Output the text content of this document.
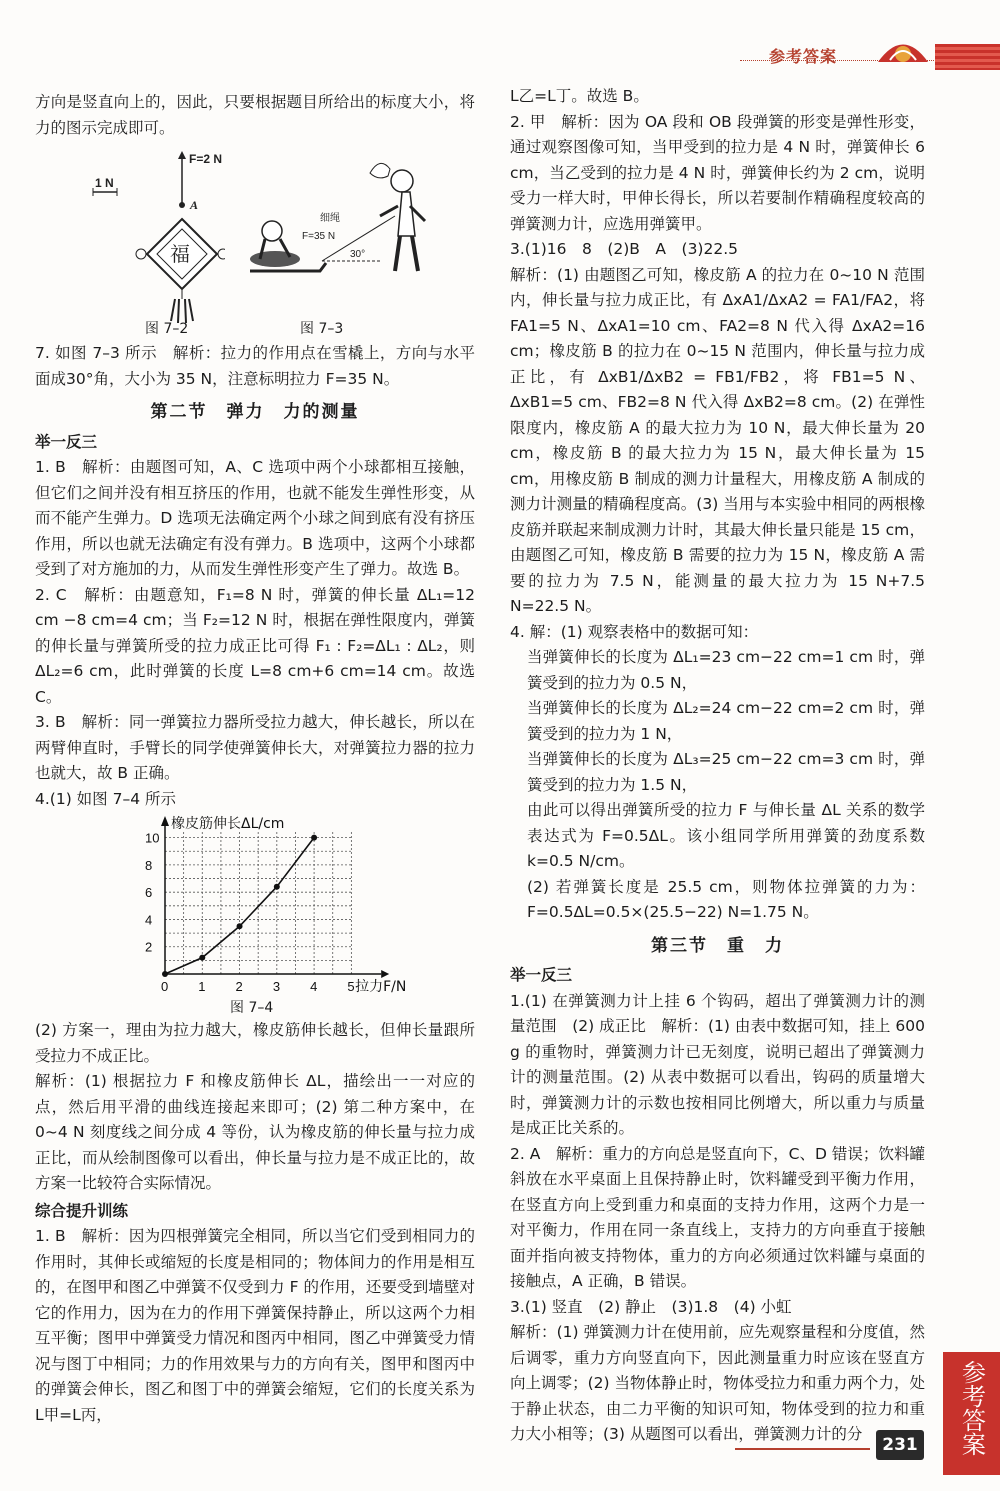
参考答案

方向是竖直向上的，因此，只要根据题目所给出的标度大小，将力的图示完成即可。

F=2 N
1 N
A
福
细绳
F=35 N
30°
图 7–2	图 7–3

7. 如图 7–3 所示　解析：拉力的作用点在雪橇上，方向与水平面成30°角，大小为 35 N，注意标明拉力 F=35 N。

第二节　弹力　力的测量
举一反三

1. B　解析：由题图可知，A、C 选项中两个小球都相互接触，但它们之间并没有相互挤压的作用，也就不能发生弹性形变，从而不能产生弹力。D 选项无法确定两个小球之间到底有没有挤压作用，所以也就无法确定有没有弹力。B 选项中，这两个小球都受到了对方施加的力，从而发生弹性形变产生了弹力。故选 B。

2. C　解析：由题意知，F₁=8 N 时，弹簧的伸长量 ΔL₁=12 cm −8 cm=4 cm；当 F₂=12 N 时，根据在弹性限度内，弹簧的伸长量与弹簧所受的拉力成正比可得 F₁ : F₂=ΔL₁ : ΔL₂，则 ΔL₂=6 cm，此时弹簧的长度 L=8 cm+6 cm=14 cm。故选 C。

3. B　解析：同一弹簧拉力器所受拉力越大，伸长越长，所以在两臂伸直时，手臂长的同学使弹簧伸长大，对弹簧拉力器的拉力也就大，故 B 正确。

4.(1) 如图 7–4 所示

0 1 2 3 4 5
2
4
6
8
10
拉力F/N
橡皮筋伸长ΔL/cm
图 7–4

(2) 方案一，理由为拉力越大，橡皮筋伸长越长，但伸长量跟所受拉力不成正比。

解析：(1) 根据拉力 F 和橡皮筋伸长 ΔL，描绘出一一对应的点，然后用平滑的曲线连接起来即可；(2) 第二种方案中，在 0~4 N 刻度线之间分成 4 等份，认为橡皮筋的伸长量与拉力成正比，而从绘制图像可以看出，伸长量与拉力是不成正比的，故方案一比较符合实际情况。

综合提升训练

1. B　解析：因为四根弹簧完全相同，所以当它们受到相同力的作用时，其伸长或缩短的长度是相同的；物体间力的作用是相互的，在图甲和图乙中弹簧不仅受到力 F 的作用，还要受到墙壁对它的作用力，因为在力的作用下弹簧保持静止，所以这两个力相互平衡；图甲中弹簧受力情况和图丙中相同，图乙中弹簧受力情况与图丁中相同；力的作用效果与力的方向有关，图甲和图丙中的弹簧会伸长，图乙和图丁中的弹簧会缩短，它们的长度关系为 L甲=L丙，

L乙=L丁。故选 B。

2. 甲　解析：因为 OA 段和 OB 段弹簧的形变是弹性形变，通过观察图像可知，当甲受到的拉力是 4 N 时，弹簧伸长 6 cm，当乙受到的拉力是 4 N 时，弹簧伸长约为 2 cm，说明受力一样大时，甲伸长得长，所以若要制作精确程度较高的弹簧测力计，应选用弹簧甲。

3.(1)16　8　(2)B　A　(3)22.5

解析：(1) 由题图乙可知，橡皮筋 A 的拉力在 0~10 N 范围内，伸长量与拉力成正比，有 ΔxA1/ΔxA2 = FA1/FA2，将 FA1=5 N、ΔxA1=10 cm、FA2=8 N 代入得 ΔxA2=16 cm；橡皮筋 B 的拉力在 0~15 N 范围内，伸长量与拉力成正比，有 ΔxB1/ΔxB2 = FB1/FB2，将 FB1=5 N、ΔxB1=5 cm、FB2=8 N 代入得 ΔxB2=8 cm。(2) 在弹性限度内，橡皮筋 A 的最大拉力为 10 N，最大伸长量为 20 cm，橡皮筋 B 的最大拉力为 15 N，最大伸长量为 15 cm，用橡皮筋 B 制成的测力计量程大，用橡皮筋 A 制成的测力计测量的精确程度高。(3) 当用与本实验中相同的两根橡皮筋并联起来制成测力计时，其最大伸长量只能是 15 cm，由题图乙可知，橡皮筋 B 需要的拉力为 15 N，橡皮筋 A 需要的拉力为 7.5 N，能测量的最大拉力为 15 N+7.5 N=22.5 N。

4. 解：(1) 观察表格中的数据可知：

当弹簧伸长的长度为 ΔL₁=23 cm−22 cm=1 cm 时，弹簧受到的拉力为 0.5 N，

当弹簧伸长的长度为 ΔL₂=24 cm−22 cm=2 cm 时，弹簧受到的拉力为 1 N，

当弹簧伸长的长度为 ΔL₃=25 cm−22 cm=3 cm 时，弹簧受到的拉力为 1.5 N，

由此可以得出弹簧所受的拉力 F 与伸长量 ΔL 关系的数学表达式为 F=0.5ΔL。该小组同学所用弹簧的劲度系数 k=0.5 N/cm。

(2) 若弹簧长度是 25.5 cm，则物体拉弹簧的力为：F=0.5ΔL=0.5×(25.5−22) N=1.75 N。

第三节　重　力
举一反三

1.(1) 在弹簧测力计上挂 6 个钩码，超出了弹簧测力计的测量范围　(2) 成正比　解析：(1) 由表中数据可知，挂上 600 g 的重物时，弹簧测力计已无刻度，说明已超出了弹簧测力计的测量范围。(2) 从表中数据可以看出，钩码的质量增大时，弹簧测力计的示数也按相同比例增大，所以重力与质量是成正比关系的。

2. A　解析：重力的方向总是竖直向下，C、D 错误；饮料罐斜放在水平桌面上且保持静止时，饮料罐受到平衡力作用，在竖直方向上受到重力和桌面的支持力作用，这两个力是一对平衡力，作用在同一条直线上，支持力的方向垂直于接触面并指向被支持物体，重力的方向必须通过饮料罐与桌面的接触点，A 正确，B 错误。

3.(1) 竖直　(2) 静止　(3)1.8　(4) 小虹

解析：(1) 弹簧测力计在使用前，应先观察量程和分度值，然后调零，重力方向竖直向下，因此测量重力时应该在竖直方向上调零；(2) 当物体静止时，物体受拉力和重力两个力，处于静止状态，由二力平衡的知识可知，物体受到的拉力和重力大小相等；(3) 从题图可以看出，弹簧测力计的分	参考答案
231
